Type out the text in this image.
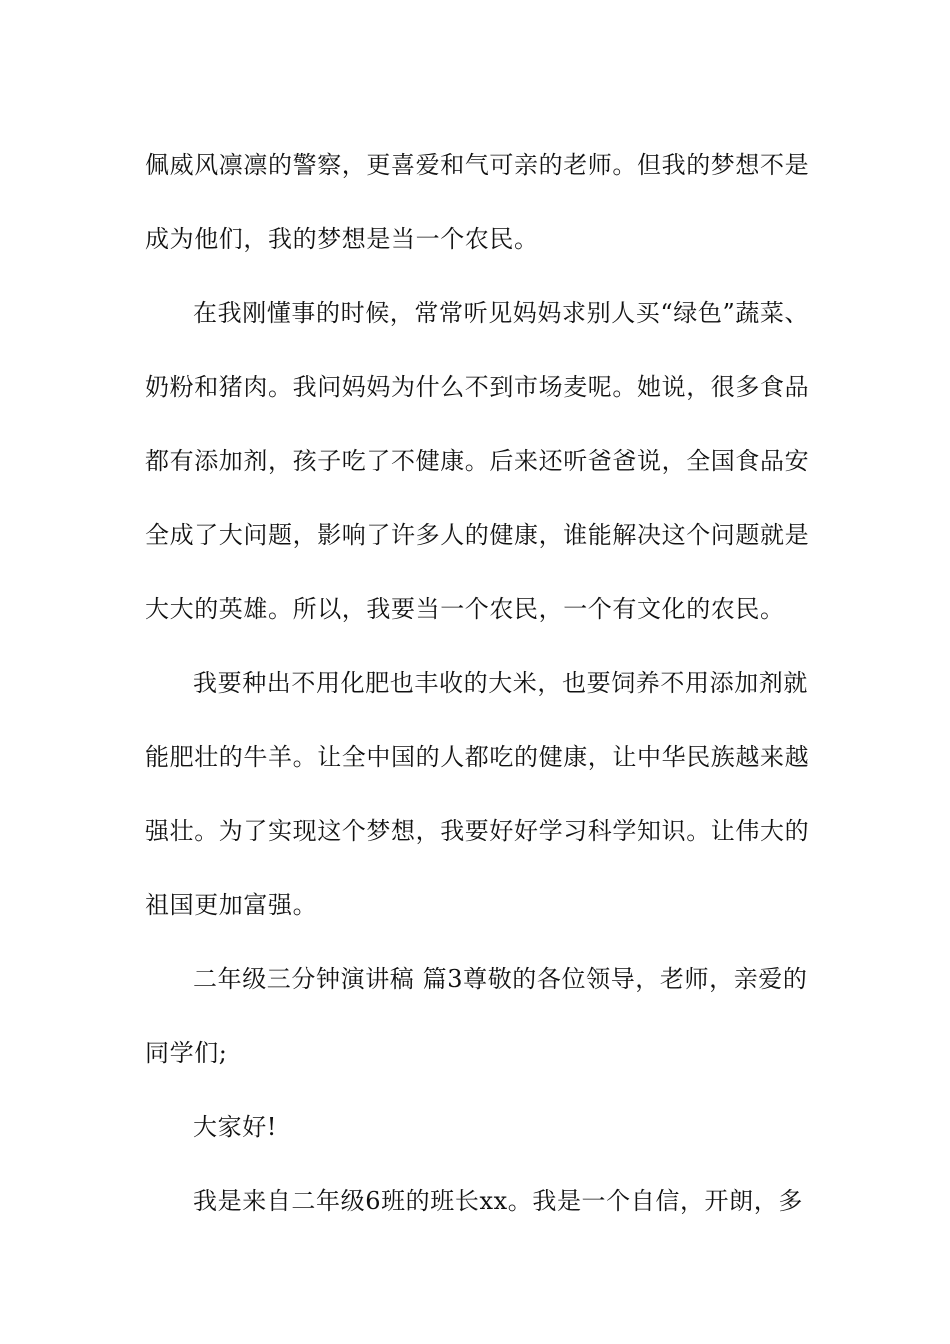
佩威风凛凛的警察，更喜爱和气可亲的老师。但我的梦想不是
成为他们，我的梦想是当一个农民。
在我刚懂事的时候，常常听见妈妈求别人买“绿色”蔬菜、
奶粉和猪肉。我问妈妈为什么不到市场麦呢。她说，很多食品
都有添加剂，孩子吃了不健康。后来还听爸爸说，全国食品安
全成了大问题，影响了许多人的健康，谁能解决这个问题就是
大大的英雄。所以，我要当一个农民，一个有文化的农民。
我要种出不用化肥也丰收的大米，也要饲养不用添加剂就
能肥壮的牛羊。让全中国的人都吃的健康，让中华民族越来越
强壮。为了实现这个梦想，我要好好学习科学知识。让伟大的
祖国更加富强。
二年级三分钟演讲稿 篇3尊敬的各位领导，老师，亲爱的
同学们;
大家好!
我是来自二年级6班的班长xx。我是一个自信，开朗，多
